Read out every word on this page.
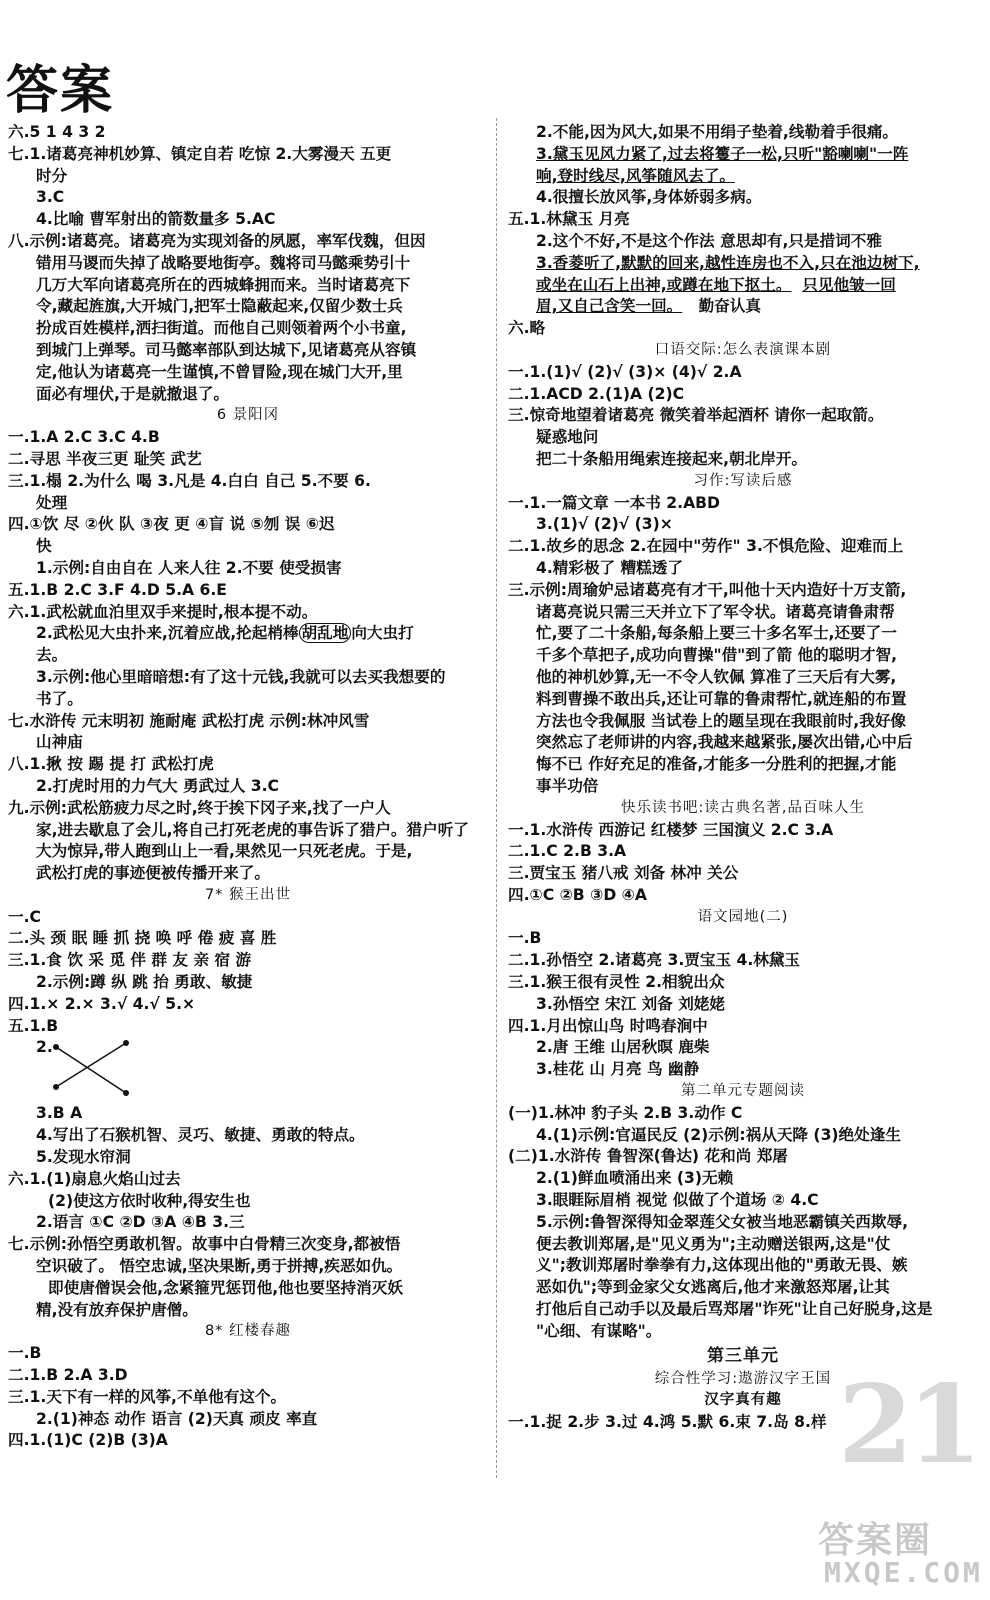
答案
六.5 1 4 3 2
七.1.诸葛亮神机妙算、镇定自若 吃惊 2.大雾漫天 五更
时分
3.C
4.比喻 曹军射出的箭数量多 5.AC
八.示例:诸葛亮。诸葛亮为实现刘备的夙愿，率军伐魏，但因
错用马谡而失掉了战略要地街亭。魏将司马懿乘势引十
几万大军向诸葛亮所在的西城蜂拥而来。当时诸葛亮下
令,藏起旌旗,大开城门,把军士隐蔽起来,仅留少数士兵
扮成百姓模样,洒扫街道。而他自己则领着两个小书童,
到城门上弹琴。司马懿率部队到达城下,见诸葛亮从容镇
定,他认为诸葛亮一生谨慎,不曾冒险,现在城门大开,里
面必有埋伏,于是就撤退了。
6 景阳冈
一.1.A 2.C 3.C 4.B
二.寻思 半夜三更 耻笑 武艺
三.1.榻 2.为什么 喝 3.凡是 4.白白 自己 5.不要 6.
处理
四.①饮 尽 ②伙 队 ③夜 更 ④盲 说 ⑤刎 误 ⑥迟
快
1.示例:自由自在 人来人往 2.不要 使受损害
五.1.B 2.C 3.F 4.D 5.A 6.E
六.1.武松就血泊里双手来提时,根本提不动。
2.武松见大虫扑来,沉着应战,抡起梢棒 胡乱地 向大虫打
去。
3.示例:他心里暗暗想:有了这十元钱,我就可以去买我想要的
书了。
七.水浒传 元末明初 施耐庵 武松打虎 示例:林冲风雪
山神庙
八.1.揪 按 踢 提 打 武松打虎
2.打虎时用的力气大 勇武过人 3.C
九.示例:武松筋疲力尽之时,终于挨下冈子来,找了一户人
家,进去歇息了会儿,将自己打死老虎的事告诉了猎户。猎户听了
大为惊异,带人跑到山上一看,果然见一只死老虎。于是,
武松打虎的事迹便被传播开来了。
7* 猴王出世
一.C
二.头 颈 眠 睡 抓 挠 唤 呼 倦 疲 喜 胜
三.1.食 饮 采 觅 伴 群 友 亲 宿 游
2.示例:蹲 纵 跳 抬 勇敢、敏捷
四.1.× 2.× 3.√ 4.√ 5.×
五.1.B
2.
3.B A
4.写出了石猴机智、灵巧、敏捷、勇敢的特点。
5.发现水帘洞
六.1.(1)扇息火焰山过去
(2)使这方依时收种,得安生也
2.语言 ①C ②D ③A ④B 3.三
七.示例:孙悟空勇敢机智。故事中白骨精三次变身,都被悟
空识破了。 悟空忠诚,坚决果断,勇于拼搏,疾恶如仇。
即使唐僧误会他,念紧箍咒惩罚他,他也要坚持消灭妖
精,没有放弃保护唐僧。
8* 红楼春趣
一.B
二.1.B 2.A 3.D
三.1.天下有一样的风筝,不单他有这个。
2.(1)神态 动作 语言 (2)天真 顽皮 率直
四.1.(1)C (2)B (3)A
2.不能,因为风大,如果不用绢子垫着,线勒着手很痛。
3.黛玉见风力紧了,过去将籆子一松,只听"豁喇喇"一阵
响,登时线尽,风筝随风去了。
4.很擅长放风筝,身体娇弱多病。
五.1.林黛玉 月亮
2.这个不好,不是这个作法 意思却有,只是措词不雅
3.香菱听了,默默的回来,越性连房也不入,只在池边树下,
或坐在山石上出神,或蹲在地下抠土。 只见他皱一回
眉,又自己含笑一回。 勤奋认真
六.略
口语交际:怎么表演课本剧
一.1.(1)√ (2)√ (3)× (4)√ 2.A
二.1.ACD 2.(1)A (2)C
三.惊奇地望着诸葛亮 微笑着举起酒杯 请你一起取箭。
疑惑地问
把二十条船用绳索连接起来,朝北岸开。
习作:写读后感
一.1.一篇文章 一本书 2.ABD
3.(1)√ (2)√ (3)×
二.1.故乡的思念 2.在园中"劳作" 3.不惧危险、迎难而上
4.精彩极了 糟糕透了
三.示例:周瑜妒忌诸葛亮有才干,叫他十天内造好十万支箭,
诸葛亮说只需三天并立下了军令状。诸葛亮请鲁肃帮
忙,要了二十条船,每条船上要三十多名军士,还要了一
千多个草把子,成功向曹操"借"到了箭 他的聪明才智,
他的神机妙算,无一不令人钦佩 算准了三天后有大雾,
料到曹操不敢出兵,还让可靠的鲁肃帮忙,就连船的布置
方法也令我佩服 当试卷上的题呈现在我眼前时,我好像
突然忘了老师讲的内容,我越来越紧张,屡次出错,心中后
悔不已 作好充足的准备,才能多一分胜利的把握,才能
事半功倍
快乐读书吧:读古典名著,品百味人生
一.1.水浒传 西游记 红楼梦 三国演义 2.C 3.A
二.1.C 2.B 3.A
三.贾宝玉 猪八戒 刘备 林冲 关公
四.①C ②B ③D ④A
语文园地(二)
一.B
二.1.孙悟空 2.诸葛亮 3.贾宝玉 4.林黛玉
三.1.猴王很有灵性 2.相貌出众
3.孙悟空 宋江 刘备 刘姥姥
四.1.月出惊山鸟 时鸣春涧中
2.唐 王维 山居秋暝 鹿柴
3.桂花 山 月亮 鸟 幽静
第二单元专题阅读
(一)1.林冲 豹子头 2.B 3.动作 C
4.(1)示例:官逼民反 (2)示例:祸从天降 (3)绝处逢生
(二)1.水浒传 鲁智深(鲁达) 花和尚 郑屠
2.(1)鲜血喷涌出来 (3)无赖
3.眼睚际眉梢 视觉 似做了个道场 ② 4.C
5.示例:鲁智深得知金翠莲父女被当地恶霸镇关西欺辱,
便去教训郑屠,是"见义勇为";主动赠送银两,这是"仗
义";教训郑屠时拳拳有力,这体现出他的"勇敢无畏、嫉
恶如仇";等到金家父女逃离后,他才来激怒郑屠,让其
打他后自己动手以及最后骂郑屠"诈死"让自己好脱身,这是
"心细、有谋略"。
第三单元
综合性学习:遨游汉字王国
汉字真有趣
一.1.捉 2.步 3.过 4.鸿 5.默 6.束 7.岛 8.样 21
答案圈
MXQE.COM
